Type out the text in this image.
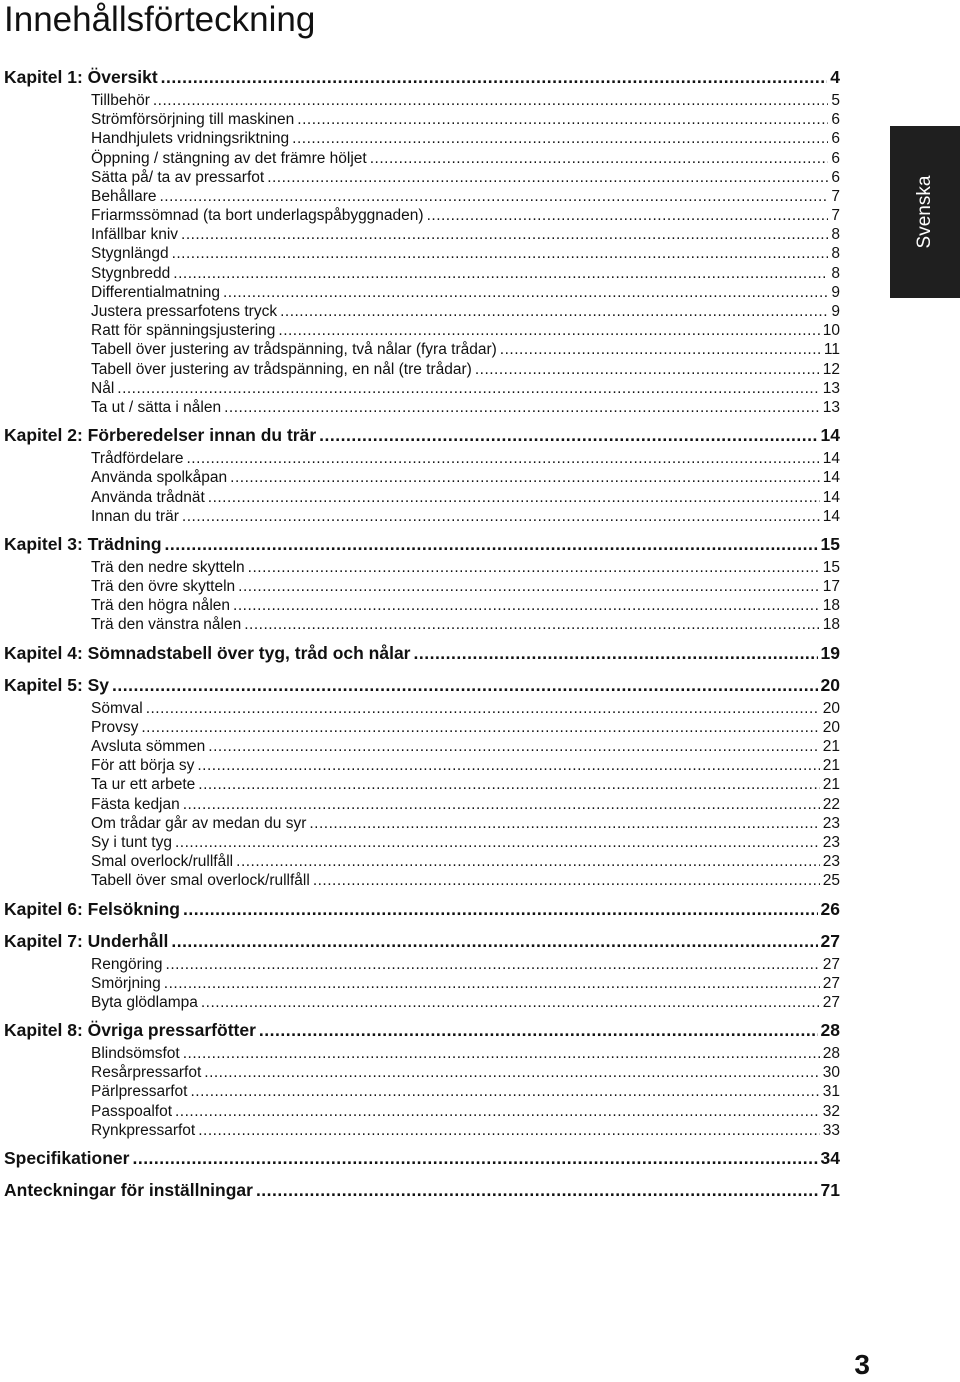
Innehållsförteckning
Kapitel 1: Översikt .....	4
Tillbehör .....	5
Strömförsörjning till maskinen .....	6
Handhjulets vridningsriktning .....	6
Öppning / stängning av det främre höljet .....	6
Sätta på/ ta av pressarfot .....	6
Behållare .....	7
Friarmssömnad (ta bort underlagspåbyggnaden) .....	7
Infällbar kniv .....	8
Stygnlängd .....	8
Stygnbredd .....	8
Differentialmatning .....	9
Justera pressarfotens tryck .....	9
Ratt för spänningsjustering .....	10
Tabell över justering av trådspänning, två nålar (fyra trådar) .....	11
Tabell över justering av trådspänning, en nål (tre trådar) .....	12
Nål .....	13
Ta ut / sätta i nålen .....	13
Kapitel 2: Förberedelser innan du trär .....	14
Trådfördelare .....	14
Använda spolkåpan .....	14
Använda trådnät .....	14
Innan du trär .....	14
Kapitel 3: Trädning .....	15
Trä den nedre skytteln .....	15
Trä den övre skytteln .....	17
Trä den högra nålen .....	18
Trä den vänstra nålen .....	18
Kapitel 4: Sömnadstabell över tyg, tråd och nålar .....	19
Kapitel 5: Sy .....	20
Sömval .....	20
Provsy .....	20
Avsluta sömmen .....	21
För att börja sy .....	21
Ta ur ett arbete .....	21
Fästa kedjan .....	22
Om trådar går av medan du syr .....	23
Sy i tunt tyg .....	23
Smal overlock/rullfåll .....	23
Tabell över smal overlock/rullfåll .....	25
Kapitel 6: Felsökning .....	26
Kapitel 7: Underhåll .....	27
Rengöring .....	27
Smörjning .....	27
Byta glödlampa .....	27
Kapitel 8: Övriga pressarfötter .....	28
Blindsömsfot .....	28
Resårpressarfot .....	30
Pärlpressarfot .....	31
Passpoalfot .....	32
Rynkpressarfot .....	33
Specifikationer .....	34
Anteckningar för inställningar .....	71
Svenska
3
